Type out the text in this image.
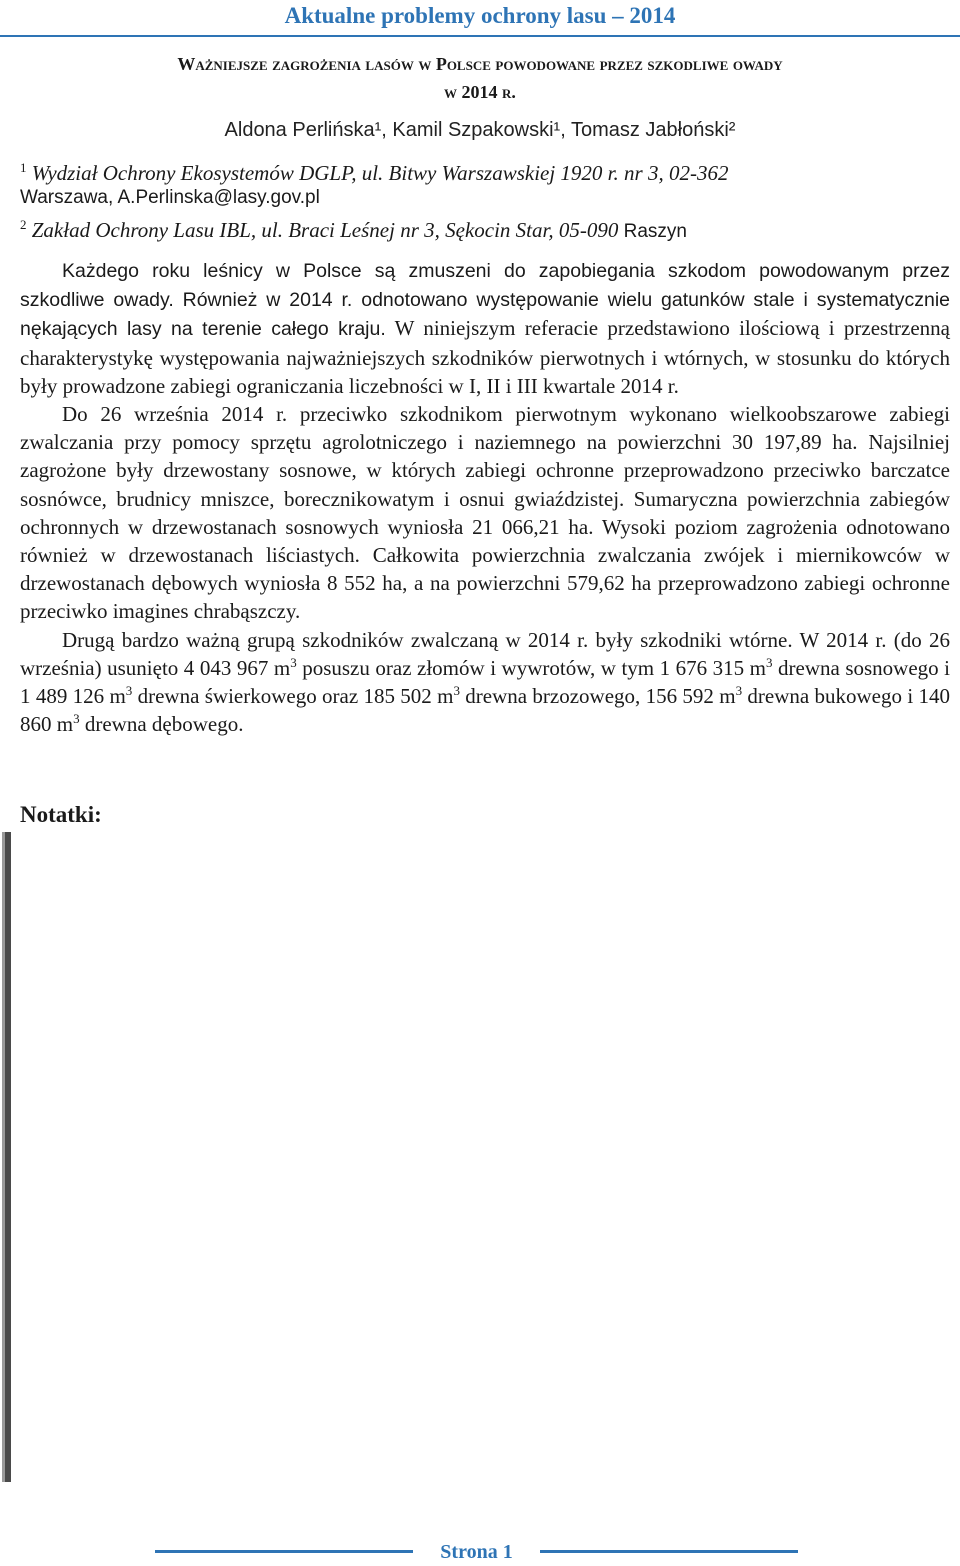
Aktualne problemy ochrony lasu – 2014
Ważniejsze zagrożenia lasów w Polsce powodowane przez szkodliwe owady
w 2014 r.
Aldona Perlińska¹, Kamil Szpakowski¹, Tomasz Jabłoński²
$^1$ Wydział Ochrony Ekosystemów DGLP, ul. Bitwy Warszawskiej 1920 r. nr 3, 02-362
Warszawa, A.Perlinska@lasy.gov.pl
$^2$ Zakład Ochrony Lasu IBL, ul. Braci Leśnej nr 3, Sękocin Star, 05-090 Raszyn

Każdego roku leśnicy w Polsce są zmuszeni do zapobiegania szkodom powodowanym przez szkodliwe owady. Również w 2014 r. odnotowano występowanie wielu gatunków stale i systematycznie nękających lasy na terenie całego kraju. W niniejszym referacie przedstawiono ilościową i przestrzenną charakterystykę występowania najważniejszych szkodników pierwotnych i wtórnych, w stosunku do których były prowadzone zabiegi ograniczania liczebności w I, II i III kwartale 2014 r.

Do 26 września 2014 r. przeciwko szkodnikom pierwotnym wykonano wielkoobszarowe zabiegi zwalczania przy pomocy sprzętu agrolotniczego i naziemnego na powierzchni 30 197,89 ha. Najsilniej zagrożone były drzewostany sosnowe, w których zabiegi ochronne przeprowadzono przeciwko barczatce sosnówce, brudnicy mniszce, borecznikowatym i osnui gwiaździstej. Sumaryczna powierzchnia zabiegów ochronnych w drzewostanach sosnowych wyniosła 21 066,21 ha. Wysoki poziom zagrożenia odnotowano również w drzewostanach liściastych. Całkowita powierzchnia zwalczania zwójek i miernikowców w drzewostanach dębowych wyniosła 8 552 ha, a na powierzchni 579,62 ha przeprowadzono zabiegi ochronne przeciwko imagines chrabąszczy.

Drugą bardzo ważną grupą szkodników zwalczaną w 2014 r. były szkodniki wtórne. W 2014 r. (do 26 września) usunięto 4 043 967 $m^3$ posuszu oraz złomów i wywrotów, w tym 1 676 315 $m^3$ drewna sosnowego i 1 489 126 $m^3$ drewna świerkowego oraz 185 502 $m^3$ drewna brzozowego, 156 592 $m^3$ drewna bukowego i 140 860 $m^3$ drewna dębowego.

Notatki:
Strona 1
